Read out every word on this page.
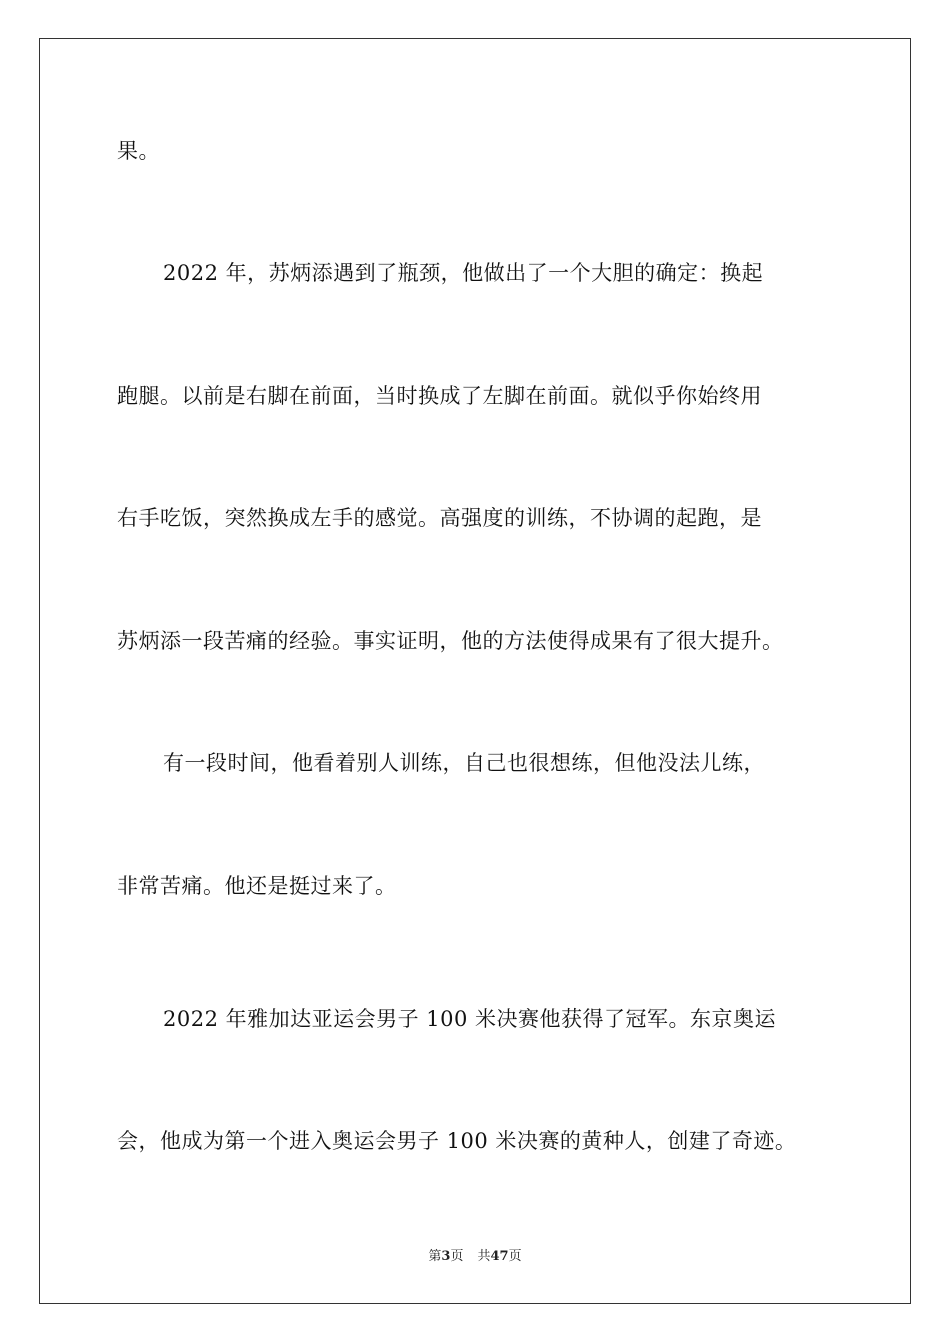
果。
2022 年，苏炳添遇到了瓶颈，他做出了一个大胆的确定：换起
跑腿。以前是右脚在前面，当时换成了左脚在前面。就似乎你始终用
右手吃饭，突然换成左手的感觉。高强度的训练，不协调的起跑，是
苏炳添一段苦痛的经验。事实证明，他的方法使得成果有了很大提升。
有一段时间，他看着别人训练，自己也很想练，但他没法儿练，
非常苦痛。他还是挺过来了。
2022 年雅加达亚运会男子 100 米决赛他获得了冠军。东京奥运
会，他成为第一个进入奥运会男子 100 米决赛的黄种人，创建了奇迹。
第3页 共47页
